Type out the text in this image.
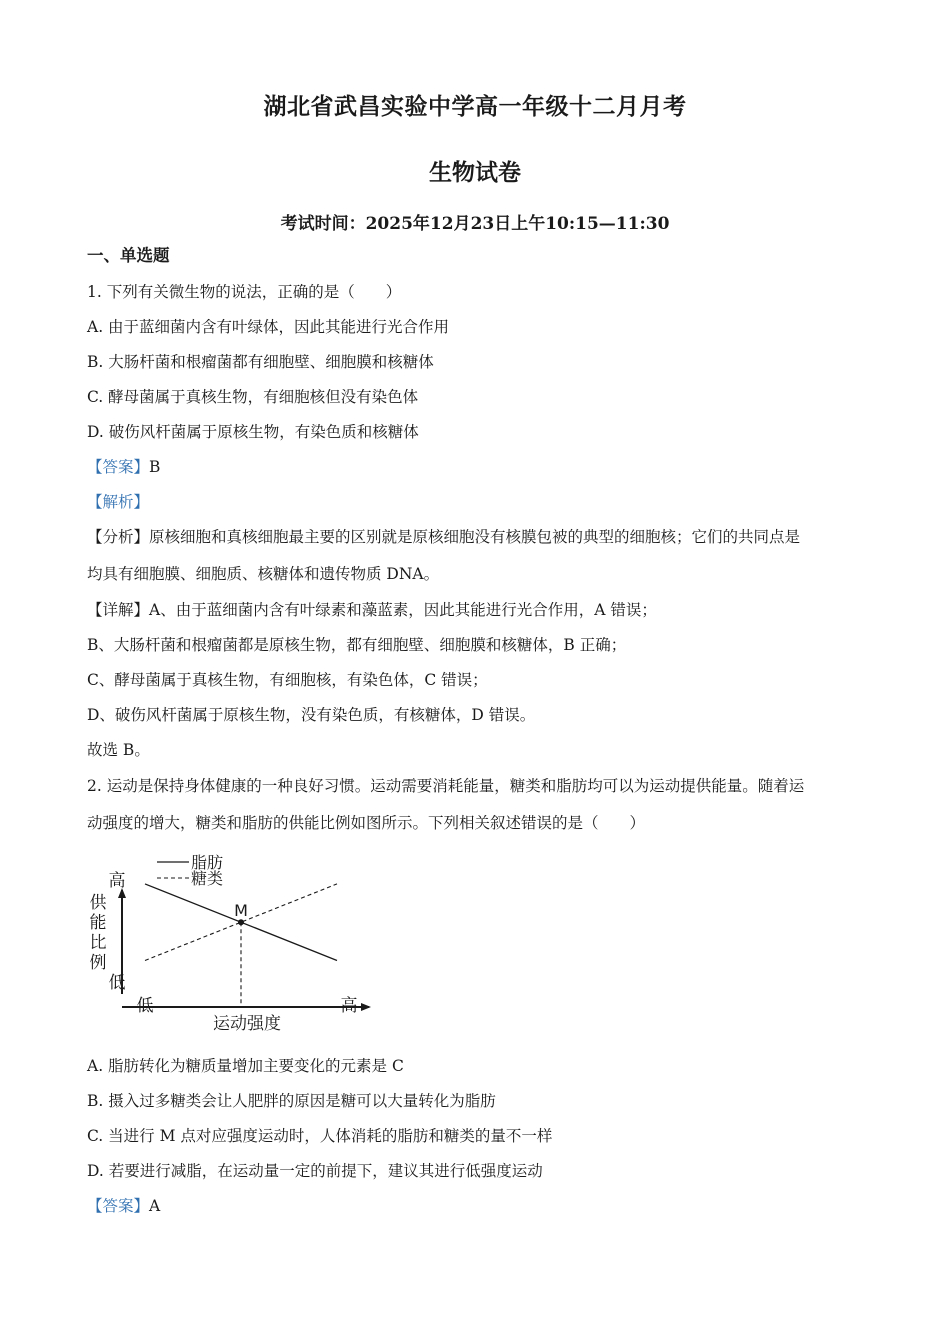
湖北省武昌实验中学高一年级十二月月考
生物试卷
考试时间：2025年12月23日上午10:15—11:30
一、单选题
1. 下列有关微生物的说法，正确的是（　　）
A. 由于蓝细菌内含有叶绿体，因此其能进行光合作用
B. 大肠杆菌和根瘤菌都有细胞壁、细胞膜和核糖体
C. 酵母菌属于真核生物，有细胞核但没有染色体
D. 破伤风杆菌属于原核生物，有染色质和核糖体
【答案】B
【解析】
【分析】原核细胞和真核细胞最主要的区别就是原核细胞没有核膜包被的典型的细胞核；它们的共同点是
均具有细胞膜、细胞质、核糖体和遗传物质 DNA。
【详解】A、由于蓝细菌内含有叶绿素和藻蓝素，因此其能进行光合作用，A 错误；
B、大肠杆菌和根瘤菌都是原核生物，都有细胞壁、细胞膜和核糖体，B 正确；
C、酵母菌属于真核生物，有细胞核，有染色体，C 错误；
D、破伤风杆菌属于原核生物，没有染色质，有核糖体，D 错误。
故选 B。
2. 运动是保持身体健康的一种良好习惯。运动需要消耗能量，糖类和脂肪均可以为运动提供能量。随着运
动强度的增大，糖类和脂肪的供能比例如图所示。下列相关叙述错误的是（　　）
高
低
供能比例
低	高
运动强度
脂肪
糖类
M
A. 脂肪转化为糖质量增加主要变化的元素是 C
B. 摄入过多糖类会让人肥胖的原因是糖可以大量转化为脂肪
C. 当进行 M 点对应强度运动时，人体消耗的脂肪和糖类的量不一样
D. 若要进行减脂，在运动量一定的前提下，建议其进行低强度运动
【答案】A
